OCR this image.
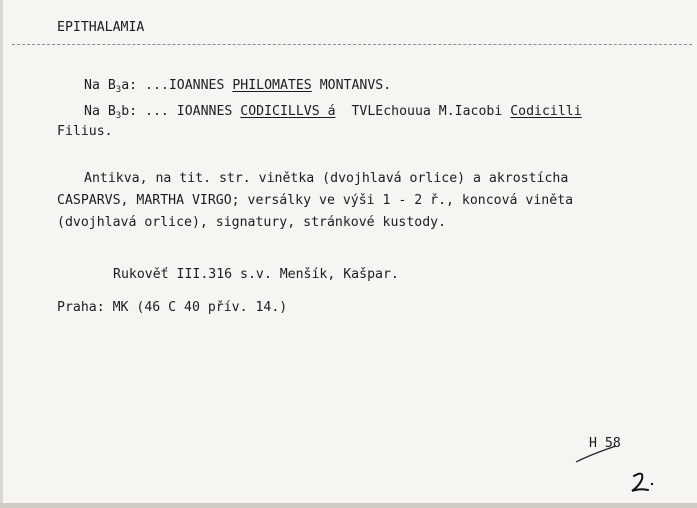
EPITHALAMIA
Na $B_3a$: ...IOANNES PHILOMATES MONTANVS.
Na $B_3b$: ... IOANNES CODICILLVS á  TVLEchouua M.Iacobi Codicilli
Filius.
Antikva, na tit. str. vinětka (dvojhlavá orlice) a akrostícha
CASPARVS, MARTHA VIRGO; versálky ve výši 1 - 2 ř., koncová viněta
(dvojhlavá orlice), signatury, stránkové kustody.
Rukověť III.316 s.v. Menšík, Kašpar.
Praha: MK (46 C 40 přív. 14.)
H 58
